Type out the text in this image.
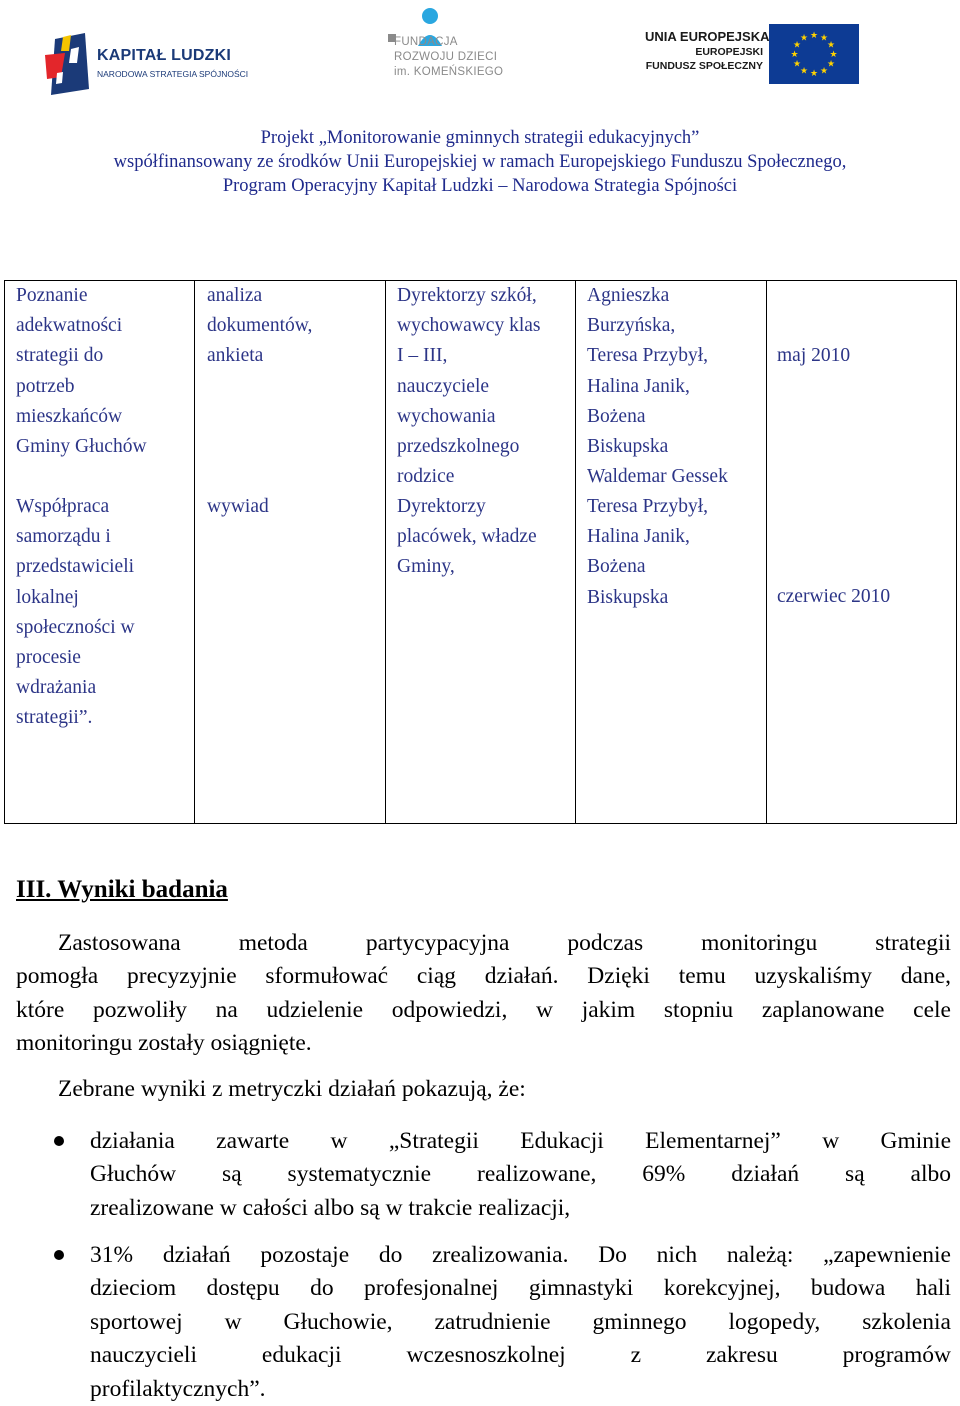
KAPITAŁ LUDZKI
NARODOWA STRATEGIA SPÓJNOŚCI
FUNDACJA
ROZWOJU DZIECI
im. KOMEŃSKIEGO
UNIA EUROPEJSKA
EUROPEJSKI
FUNDUSZ SPOŁECZNY
★ ★
★
★
★
★
★
★
★
★
★
★
Projekt „Monitorowanie gminnych strategii edukacyjnych”
współfinansowany ze środków Unii Europejskiej w ramach Europejskiego Funduszu Społecznego,
Program Operacyjny Kapitał Ludzki – Narodowa Strategia Spójności
Poznanie
adekwatności
strategii do
potrzeb
mieszkańców
Gminy Głuchów
analiza
dokumentów,
ankieta
Dyrektorzy szkół,
wychowawcy klas
I – III,
nauczyciele
wychowania
przedszkolnego
rodzice
Agnieszka
Burzyńska,
Teresa Przybył,
Halina Janik,
Bożena
Biskupska
Waldemar Gessek
maj 2010
Współpraca
samorządu i
przedstawicieli
lokalnej
społeczności w
procesie
wdrażania
strategii”.
wywiad	Dyrektorzy
placówek, władze
Gminy,
Teresa Przybył,
Halina Janik,
Bożena
Biskupska	czerwiec 2010
III. Wyniki badania
Zastosowana metoda partycypacyjna podczas monitoringu strategii
pomogła precyzyjnie sformułować ciąg działań. Dzięki temu uzyskaliśmy dane,
które pozwoliły na udzielenie odpowiedzi, w jakim stopniu zaplanowane cele
monitoringu zostały osiągnięte.
Zebrane wyniki z metryczki działań pokazują, że:
działania zawarte w „Strategii Edukacji Elementarnej” w Gminie
Głuchów są systematycznie realizowane, 69% działań są albo
zrealizowane w całości albo są w trakcie realizacji,
31% działań pozostaje do zrealizowania. Do nich należą: „zapewnienie
dzieciom dostępu do profesjonalnej gimnastyki korekcyjnej, budowa hali
sportowej w Głuchowie, zatrudnienie gminnego logopedy, szkolenia
nauczycieli edukacji wczesnoszkolnej z zakresu programów
profilaktycznych”.
